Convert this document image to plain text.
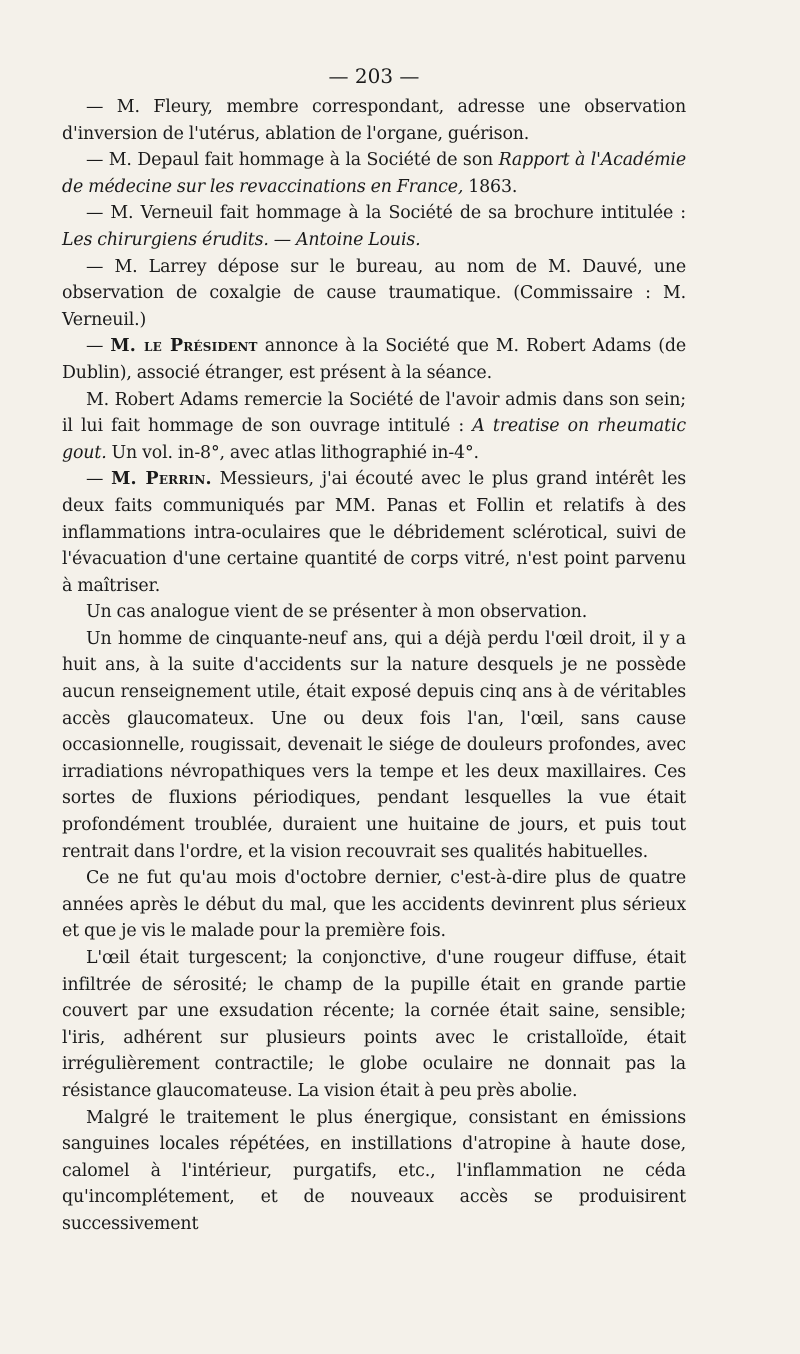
— 203 —
— M. Fleury, membre correspondant, adresse une observation d'inversion de l'utérus, ablation de l'organe, guérison.
— M. Depaul fait hommage à la Société de son Rapport à l'Académie de médecine sur les revaccinations en France, 1863.
— M. Verneuil fait hommage à la Société de sa brochure intitulée : Les chirurgiens érudits. — Antoine Louis.
— M. Larrey dépose sur le bureau, au nom de M. Dauvé, une observation de coxalgie de cause traumatique. (Commissaire : M. Verneuil.)
— M. le Président annonce à la Société que M. Robert Adams (de Dublin), associé étranger, est présent à la séance.
M. Robert Adams remercie la Société de l'avoir admis dans son sein; il lui fait hommage de son ouvrage intitulé : A treatise on rheumatic gout. Un vol. in-8°, avec atlas lithographié in-4°.
— M. Perrin. Messieurs, j'ai écouté avec le plus grand intérêt les deux faits communiqués par MM. Panas et Follin et relatifs à des inflammations intra-oculaires que le débridement sclérotical, suivi de l'évacuation d'une certaine quantité de corps vitré, n'est point parvenu à maîtriser.
Un cas analogue vient de se présenter à mon observation.
Un homme de cinquante-neuf ans, qui a déjà perdu l'œil droit, il y a huit ans, à la suite d'accidents sur la nature desquels je ne possède aucun renseignement utile, était exposé depuis cinq ans à de véritables accès glaucomateux. Une ou deux fois l'an, l'œil, sans cause occasionnelle, rougissait, devenait le siége de douleurs profondes, avec irradiations névropathiques vers la tempe et les deux maxillaires. Ces sortes de fluxions périodiques, pendant lesquelles la vue était profondément troublée, duraient une huitaine de jours, et puis tout rentrait dans l'ordre, et la vision recouvrait ses qualités habituelles.
Ce ne fut qu'au mois d'octobre dernier, c'est-à-dire plus de quatre années après le début du mal, que les accidents devinrent plus sérieux et que je vis le malade pour la première fois.
L'œil était turgescent; la conjonctive, d'une rougeur diffuse, était infiltrée de sérosité; le champ de la pupille était en grande partie couvert par une exsudation récente; la cornée était saine, sensible; l'iris, adhérent sur plusieurs points avec le cristalloïde, était irrégulièrement contractile; le globe oculaire ne donnait pas la résistance glaucomateuse. La vision était à peu près abolie.
Malgré le traitement le plus énergique, consistant en émissions sanguines locales répétées, en instillations d'atropine à haute dose, calomel à l'intérieur, purgatifs, etc., l'inflammation ne céda qu'incomplétement, et de nouveaux accès se produisirent successivement
